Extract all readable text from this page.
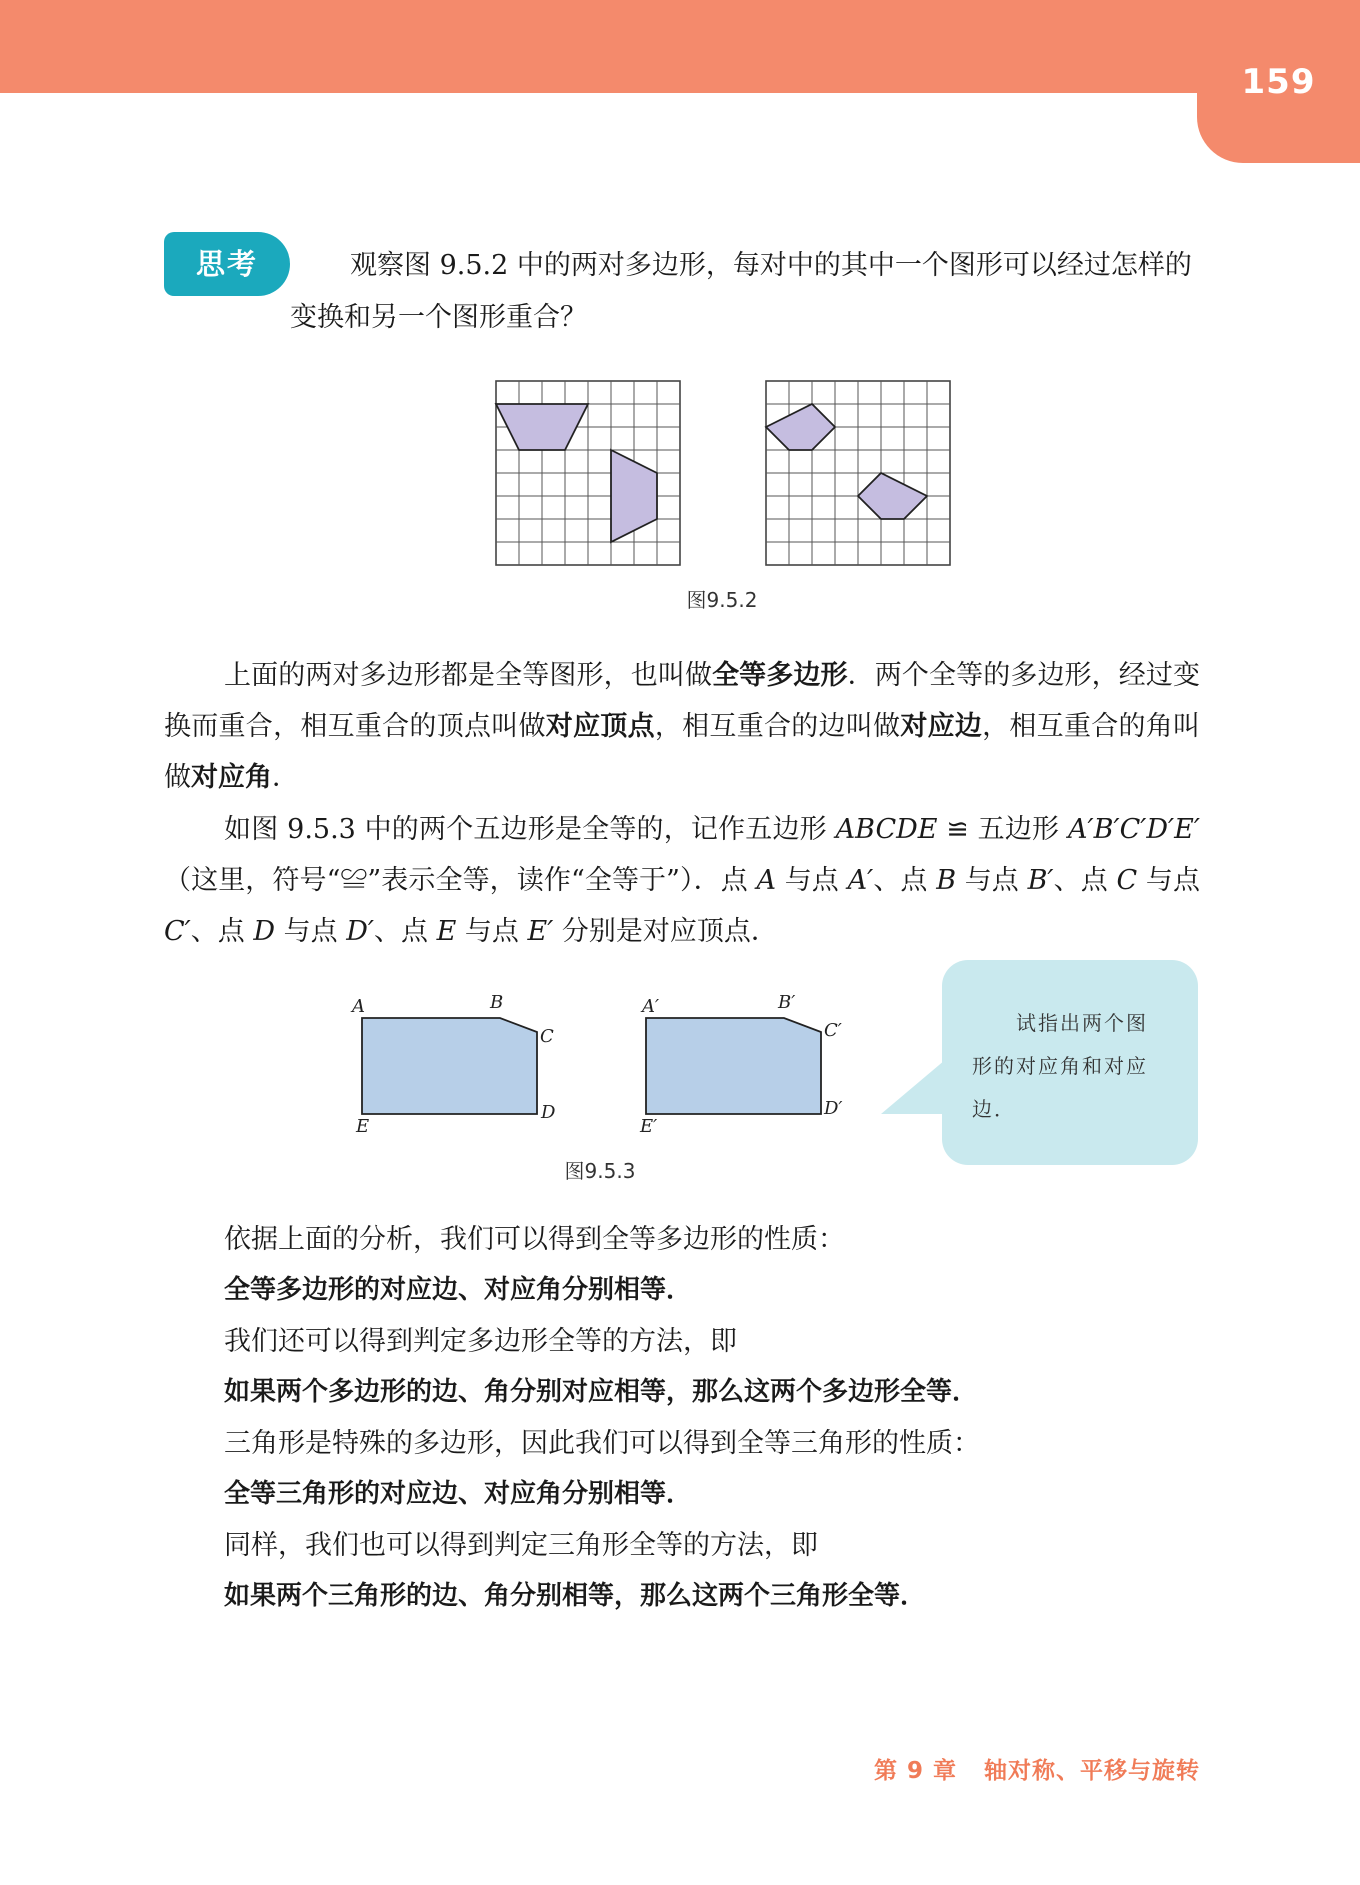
159
思考	观察图 9.5.2 中的两对多边形，每对中的其中一个图形可以经过怎样的变换和另一个图形重合？
图9.5.2
上面的两对多边形都是全等图形，也叫做全等多边形．两个全等的多边形，经过变换而重合，相互重合的顶点叫做对应顶点，相互重合的边叫做对应边，相互重合的角叫做对应角．
如图 9.5.3 中的两个五边形是全等的，记作五边形 ABCDE ≌ 五边形 A′B′C′D′E′（这里，符号“≌”表示全等，读作“全等于”）．点 A 与点 A′、点 B 与点 B′、点 C 与点 C′、点 D 与点 D′、点 E 与点 E′ 分别是对应顶点．
A	B
C
D
E
A′	B′
C′
D′
E′
图9.5.3
试指出两个图形的对应角和对应边．
依据上面的分析，我们可以得到全等多边形的性质：
全等多边形的对应边、对应角分别相等．
我们还可以得到判定多边形全等的方法，即
如果两个多边形的边、角分别对应相等，那么这两个多边形全等．
三角形是特殊的多边形，因此我们可以得到全等三角形的性质：
全等三角形的对应边、对应角分别相等．
同样，我们也可以得到判定三角形全等的方法，即
如果两个三角形的边、角分别相等，那么这两个三角形全等．
第 9 章 轴对称、平移与旋转
